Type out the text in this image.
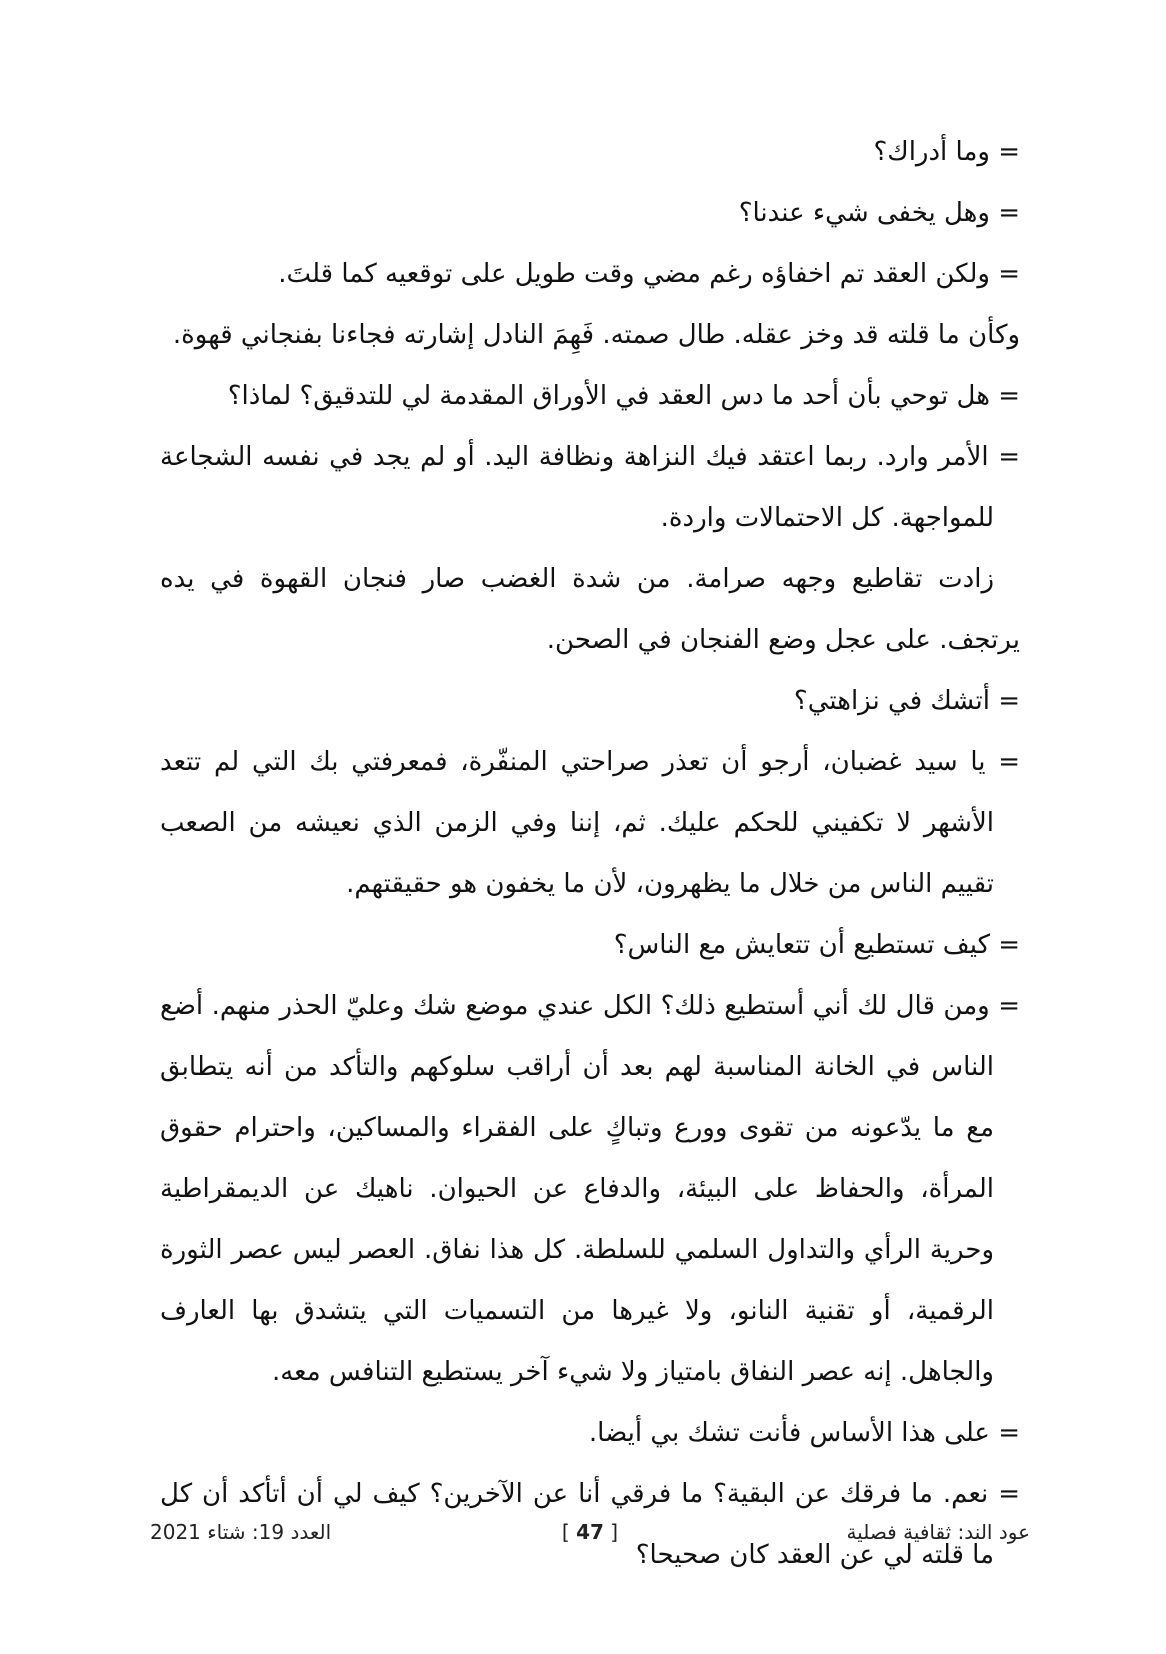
= وما أدراك؟

= وهل يخفى شيء عندنا؟

= ولكن العقد تم اخفاؤه رغم مضي وقت طويل على توقعيه كما قلتَ.

وكأن ما قلته قد وخز عقله. طال صمته. فَهِمَ النادل إشارته فجاءنا بفنجاني قهوة.

= هل توحي بأن أحد ما دس العقد في الأوراق المقدمة لي للتدقيق؟ لماذا؟

= الأمر وارد. ربما اعتقد فيك النزاهة ونظافة اليد. أو لم يجد في نفسه الشجاعة للمواجهة. كل الاحتمالات واردة.

زادت تقاطيع وجهه صرامة. من شدة الغضب صار فنجان القهوة في يده يرتجف. على عجل وضع الفنجان في الصحن.

= أتشك في نزاهتي؟

= يا سيد غضبان، أرجو أن تعذر صراحتي المنفّرة، فمعرفتي بك التي لم تتعد الأشهر لا تكفيني للحكم عليك. ثم، إننا وفي الزمن الذي نعيشه من الصعب تقييم الناس من خلال ما يظهرون، لأن ما يخفون هو حقيقتهم.

= كيف تستطيع أن تتعايش مع الناس؟

= ومن قال لك أني أستطيع ذلك؟ الكل عندي موضع شك وعليّ الحذر منهم. أضع الناس في الخانة المناسبة لهم بعد أن أراقب سلوكهم والتأكد من أنه يتطابق مع ما يدّعونه من تقوى وورع وتباكٍ على الفقراء والمساكين، واحترام حقوق المرأة، والحفاظ على البيئة، والدفاع عن الحيوان. ناهيك عن الديمقراطية وحرية الرأي والتداول السلمي للسلطة. كل هذا نفاق. العصر ليس عصر الثورة الرقمية، أو تقنية النانو، ولا غيرها من التسميات التي يتشدق بها العارف والجاهل. إنه عصر النفاق بامتياز ولا شيء آخر يستطيع التنافس معه.

= على هذا الأساس فأنت تشك بي أيضا.

= نعم. ما فرقك عن البقية؟ ما فرقي أنا عن الآخرين؟ كيف لي أن أتأكد أن كل ما قلته لي عن العقد كان صحيحا؟

عود الند: ثقافية فصلية
[ 47 ]
العدد 19: شتاء 2021
